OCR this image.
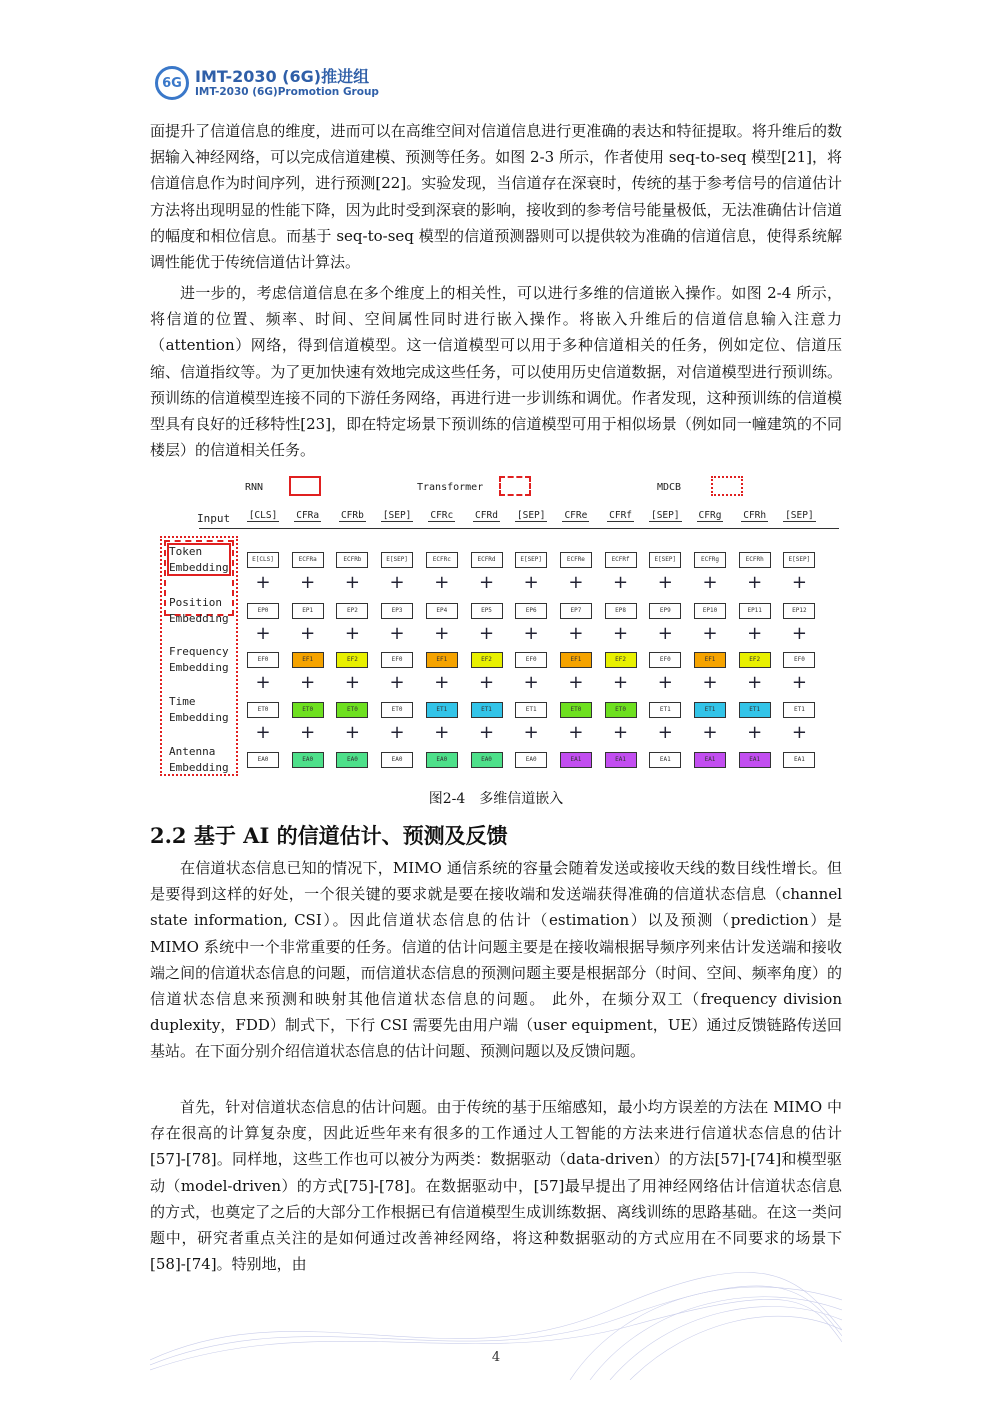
6G IMT-2030 (6G)推进组
IMT-2030 (6G)Promotion Group

面提升了信道信息的维度，进而可以在高维空间对信道信息进行更准确的表达和特征提取。将升维后的数据输入神经网络，可以完成信道建模、预测等任务。如图 2-3 所示，作者使用 seq-to-seq 模型[21]，将信道信息作为时间序列，进行预测[22]。实验发现，当信道存在深衰时，传统的基于参考信号的信道估计方法将出现明显的性能下降，因为此时受到深衰的影响，接收到的参考信号能量极低，无法准确估计信道的幅度和相位信息。而基于 seq-to-seq 模型的信道预测器则可以提供较为准确的信道信息，使得系统解调性能优于传统信道估计算法。

进一步的，考虑信道信息在多个维度上的相关性，可以进行多维的信道嵌入操作。如图 2-4 所示，将信道的位置、频率、时间、空间属性同时进行嵌入操作。将嵌入升维后的信道信息输入注意力（attention）网络，得到信道模型。这一信道模型可以用于多种信道相关的任务，例如定位、信道压缩、信道指纹等。为了更加快速有效地完成这些任务，可以使用历史信道数据，对信道模型进行预训练。预训练的信道模型连接不同的下游任务网络，再进行进一步训练和调优。作者发现，这种预训练的信道模型具有良好的迁移特性[23]，即在特定场景下预训练的信道模型可用于相似场景（例如同一幢建筑的不同楼层）的信道相关任务。

RNN	Transformer	MDCB
Input	[CLS]	CFRa	CFRb	[SEP]	CFRc	CFRd	[SEP]	CFRe	CFRf	[SEP]	CFRg	CFRh	[SEP]
Token
Embedding
E[CLS]	ECFRa	ECFRb	E[SEP]	ECFRc	ECFRd	E[SEP]	ECFRe	ECFRf	E[SEP]	ECFRg	ECFRh	E[SEP]
+	+	+	+	+	+	+	+	+	+	+	+	+
Position
Embedding
EP0	EP1	EP2	EP3	EP4	EP5	EP6	EP7	EP8	EP9	EP10	EP11	EP12
+	+	+	+	+	+	+	+	+	+	+	+	+
Frequency
Embedding
EF0	EF1	EF2	EF0	EF1	EF2	EF0	EF1	EF2	EF0	EF1	EF2	EF0
+	+	+	+	+	+	+	+	+	+	+	+	+
Time
Embedding
ET0	ET0	ET0	ET0	ET1	ET1	ET1	ET0	ET0	ET1	ET1	ET1	ET1
+	+	+	+	+	+	+	+	+	+	+	+	+
Antenna
Embedding
EA0	EA0	EA0	EA0	EA0	EA0	EA0	EA1	EA1	EA1	EA1	EA1	EA1
图2-4　多维信道嵌入
2.2 基于 AI 的信道估计、预测及反馈

在信道状态信息已知的情况下，MIMO 通信系统的容量会随着发送或接收天线的数目线性增长。但是要得到这样的好处，一个很关键的要求就是要在接收端和发送端获得准确的信道状态信息（channel state information, CSI）。因此信道状态信息的估计（estimation）以及预测（prediction）是 MIMO 系统中一个非常重要的任务。信道的估计问题主要是在接收端根据导频序列来估计发送端和接收端之间的信道状态信息的问题，而信道状态信息的预测问题主要是根据部分（时间、空间、频率角度）的信道状态信息来预测和映射其他信道状态信息的问题。 此外，在频分双工（frequency division duplexity，FDD）制式下，下行 CSI 需要先由用户端（user equipment，UE）通过反馈链路传送回基站。在下面分别介绍信道状态信息的估计问题、预测问题以及反馈问题。

首先，针对信道状态信息的估计问题。由于传统的基于压缩感知，最小均方误差的方法在 MIMO 中存在很高的计算复杂度，因此近些年来有很多的工作通过人工智能的方法来进行信道状态信息的估计[57]-[78]。同样地，这些工作也可以被分为两类：数据驱动（data-driven）的方法[57]-[74]和模型驱动（model-driven）的方式[75]-[78]。在数据驱动中，[57]最早提出了用神经网络估计信道状态信息的方式，也奠定了之后的大部分工作根据已有信道模型生成训练数据、离线训练的思路基础。在这一类问题中，研究者重点关注的是如何通过改善神经网络，将这种数据驱动的方式应用在不同要求的场景下[58]-[74]。特别地，由

4
